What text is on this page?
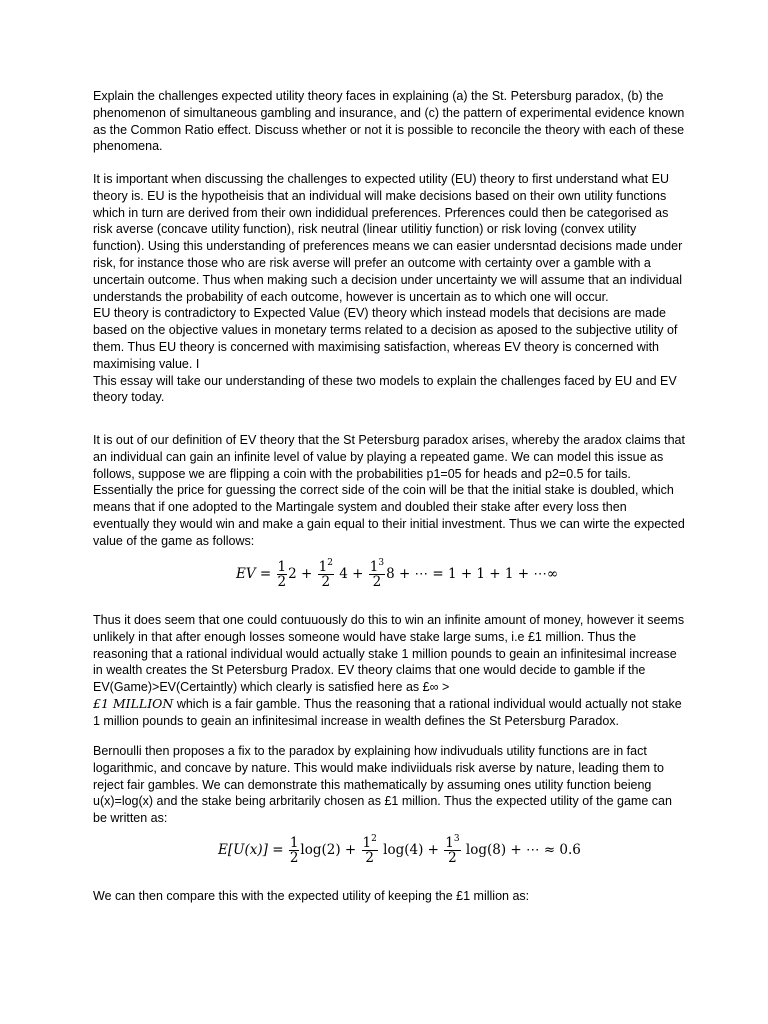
Explain the challenges expected utility theory faces in explaining (a) the St. Petersburg paradox, (b) the phenomenon of simultaneous gambling and insurance, and (c) the pattern of experimental evidence known as the Common Ratio effect. Discuss whether or not it is possible to reconcile the theory with each of these phenomena.

It is important when discussing the challenges to expected utility (EU) theory to first understand what EU theory is. EU is the hypotheisis that an individual will make decisions based on their own utility functions which in turn are derived from their own indididual preferences. Prferences could then be categorised as risk averse (concave utility function), risk neutral (linear utilitiy function) or risk loving (convex utility function). Using this understanding of preferences means we can easier undersntad decisions made under risk, for instance those who are risk averse will prefer an outcome with certainty over a gamble with a uncertain outcome. Thus when making such a decision under uncertainty we will assume that an individual understands the probability of each outcome, however is uncertain as to which one will occur.

EU theory is contradictory to Expected Value (EV) theory which instead models that decisions are made based on the objective values in monetary terms related to a decision as aposed to the subjective utility of them. Thus EU theory is concerned with maximising satisfaction, whereas EV theory is concerned with maximising value. I

This essay will take our understanding of these two models to explain the challenges faced by EU and EV theory today.

It is out of our definition of EV theory that the St Petersburg paradox arises, whereby the aradox claims that an individual can gain an infinite level of value by playing a repeated game. We can model this issue as follows, suppose we are flipping a coin with the probabilities p1=05 for heads and p2=0.5 for tails. Essentially the price for guessing the correct side of the coin will be that the initial stake is doubled, which means that if one adopted to the Martingale system and doubled their stake after every loss then eventually they would win and make a gain equal to their initial investment. Thus we can wirte the expected value of the game as follows:

EV = $\frac{1}{2} 2 + \frac{1^2}{2} 4 + \frac{1^3}{2} 8$ + ⋯ = 1 + 1 + 1 + ⋯∞

Thus it does seem that one could contuuously do this to win an infinite amount of money, however it seems unlikely in that after enough losses someone would have stake large sums, i.e £1 million. Thus the reasoning that a rational individual would actually stake 1 million pounds to geain an infinitesimal increase in wealth creates the St Petersburg Pradox. EV theory claims that one would decide to gamble if the EV(Game)>EV(Certaintly) which clearly is satisfied here as £∞ >

£1 MILLION which is a fair gamble. Thus the reasoning that a rational individual would actually not stake 1 million pounds to geain an infinitesimal increase in wealth defines the St Petersburg Paradox.

Bernoulli then proposes a fix to the paradox by explaining how indivuduals utility functions are in fact logarithmic, and concave by nature. This would make indiviiduals risk averse by nature, leading them to reject fair gambles. We can demonstrate this mathematically by assuming ones utility function beieng u(x)=log(x) and the stake being arbritarily chosen as £1 million. Thus the expected utility of the game can be written as:

$E[U(x)] = \frac{1}{2} \log(2) + \frac{1^2}{2} \log(4) + \frac{1^3}{2} \log(8)$ + ⋯ ≈ 0.6

We can then compare this with the expected utility of keeping the £1 million as:
